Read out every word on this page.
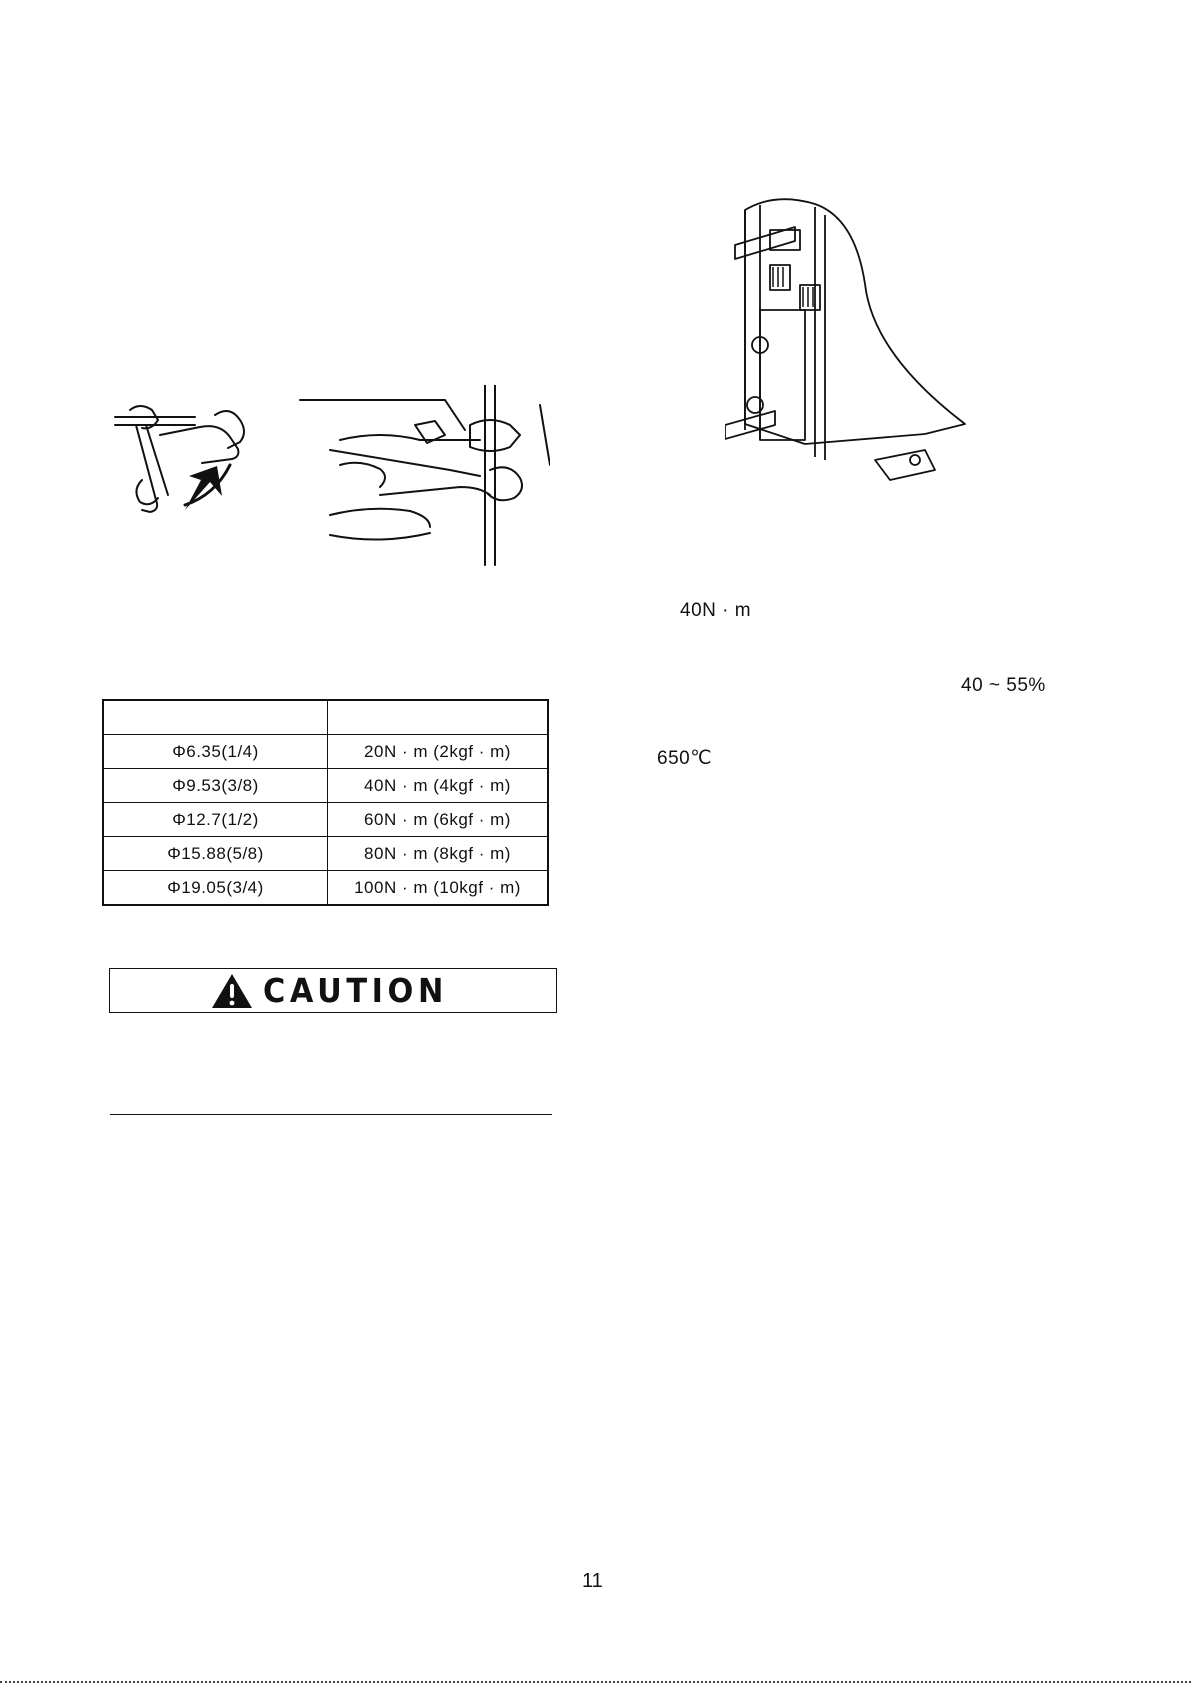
Φ6.35(1/4)	20N · m (2kgf · m)
Φ9.53(3/8)	40N · m (4kgf · m)
Φ12.7(1/2)	60N · m (6kgf · m)
Φ15.88(5/8)	80N · m (8kgf · m)
Φ19.05(3/4)	100N · m (10kgf · m)
CAUTION
40N · m
40 ~ 55%
650℃
11
